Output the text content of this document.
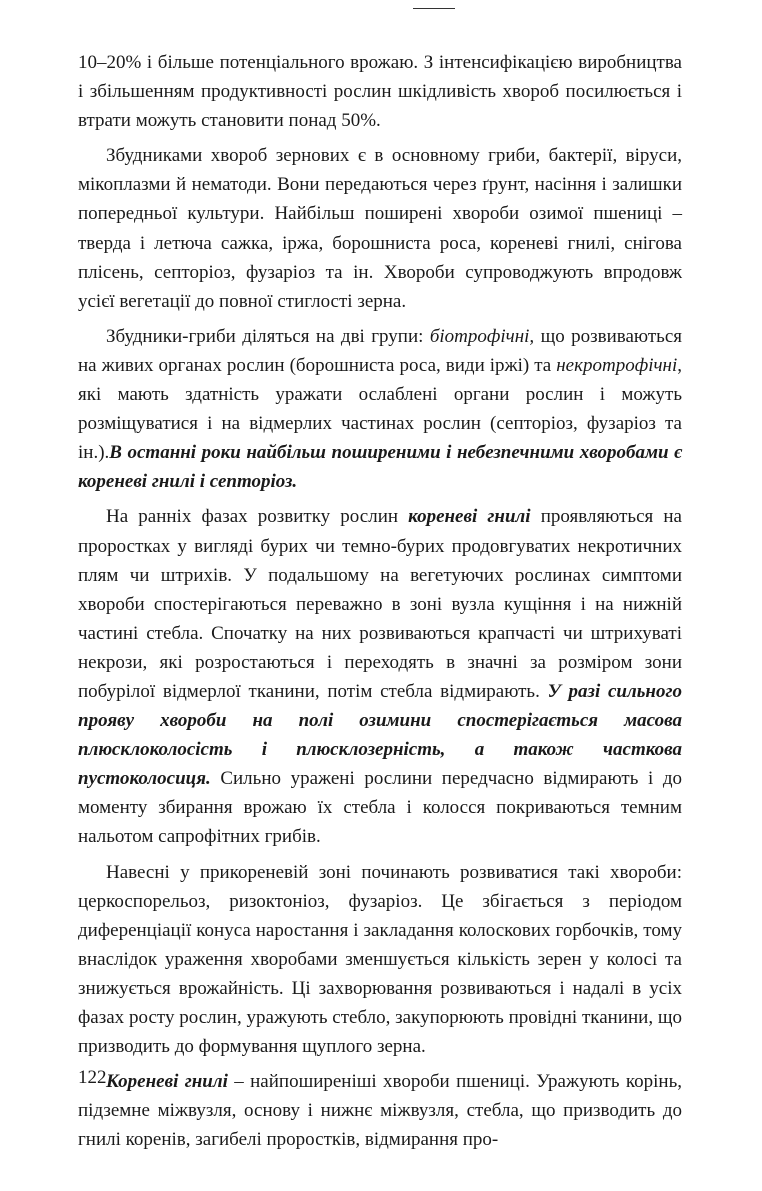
10–20% і більше потенціального врожаю. З інтенсифікацією виробництва і збільшенням продуктивності рослин шкідливість хвороб посилюється і втрати можуть становити понад 50%.

Збудниками хвороб зернових є в основному гриби, бактерії, віруси, мікоплазми й нематоди. Вони передаються через ґрунт, насіння і залишки попередньої культури. Найбільш поширені хвороби озимої пшениці – тверда і летюча сажка, іржа, борошниста роса, кореневі гнилі, снігова плісень, септоріоз, фузаріоз та ін. Хвороби супроводжують впродовж усієї вегетації до повної стиглості зерна.

Збудники-гриби діляться на дві групи: біотрофічні, що розвиваються на живих органах рослин (борошниста роса, види іржі) та некротрофічні, які мають здатність уражати ослаблені органи рослин і можуть розміщуватися і на відмерлих частинах рослин (септоріоз, фузаріоз та ін.).В останні роки найбільш поширеними і небезпечними хворобами є кореневі гнилі і септоріоз.

На ранніх фазах розвитку рослин кореневі гнилі проявляються на проростках у вигляді бурих чи темно-бурих продовгуватих некротичних плям чи штрихів. У подальшому на вегетуючих рослинах симптоми хвороби спостерігаються переважно в зоні вузла кущіння і на нижній частині стебла. Спочатку на них розвиваються крапчасті чи штрихуваті некрози, які розростаються і переходять в значні за розміром зони побурілої відмерлої тканини, потім стебла відмирають. У разі сильного прояву хвороби на полі озимини спостерігається масова плюсклоколосість і плюсклозерність, а також часткова пустоколосиця. Сильно уражені рослини передчасно відмирають і до моменту збирання врожаю їх стебла і колосся покриваються темним нальотом сапрофітних грибів.

Навесні у прикореневій зоні починають розвиватися такі хвороби: церкоспорельоз, ризоктоніоз, фузаріоз. Це збігається з періодом диференціації конуса наростання і закладання колоскових горбочків, тому внаслідок ураження хворобами зменшується кількість зерен у колосі та знижується врожайність. Ці захворювання розвиваються і надалі в усіх фазах росту рослин, уражують стебло, закупорюють провідні тканини, що призводить до формування щуплого зерна.

Кореневі гнилі – найпоширеніші хвороби пшениці. Уражують корінь, підземне міжвузля, основу і нижнє міжвузля, стебла, що призводить до гнилі коренів, загибелі проростків, відмирання про-

122
